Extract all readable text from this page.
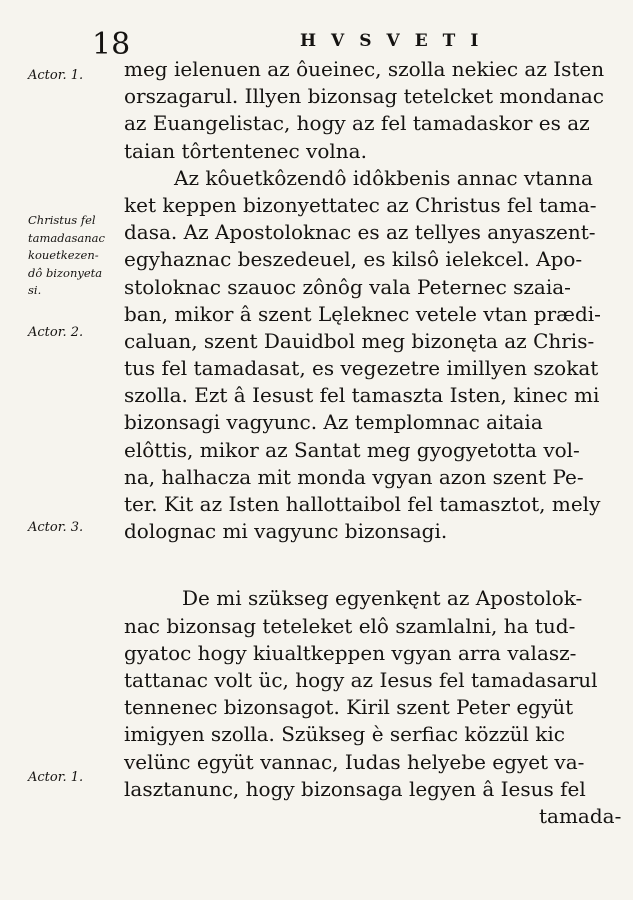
18	HVSVETI
Actor. 1.
Christus fel
tamadasanac
kouetkezen-
dô bizonyeta
si.
Actor. 2.
Actor. 3.
Actor. 1.
meg ielenuen az ôueinec, szolla nekiec az Isten
orszagarul. Illyen bizonsag tetelcket mondanac
az Euangelistac, hogy az fel tamadaskor es az
taian tôrtentenec volna.
Az kôuetkôzendô idôkbenis annac vtanna
ket keppen bizonyettatec az Christus fel tama-
dasa. Az Apostoloknac es az tellyes anyaszent-
egyhaznac beszedeuel, es kilsô ielekcel. Apo-
stoloknac szauoc zônôg vala Peternec szaia-
ban, mikor â szent Lęleknec vetele vtan prædi-
caluan, szent Dauidbol meg bizonęta az Chris-
tus fel tamadasat, es vegezetre imillyen szokat
szolla. Ezt â Iesust fel tamaszta Isten, kinec mi
bizonsagi vagyunc. Az templomnac aitaia
elôttis, mikor az Santat meg gyogyetotta vol-
na, halhacza mit monda vgyan azon szent Pe-
ter. Kit az Isten hallottaibol fel tamasztot, mely
dolognac mi vagyunc bizonsagi.
De mi szükseg egyenkęnt az Apostolok-
nac bizonsag teteleket elô szamlalni, ha tud-
gyatoc hogy kiualtkeppen vgyan arra valasz-
tattanac volt üc, hogy az Iesus fel tamadasarul
tennenec bizonsagot. Kiril szent Peter együt
imigyen szolla. Szükseg è serfiac közzül kic
velünc együt vannac, Iudas helyebe egyet va-
lasztanunc, hogy bizonsaga legyen â Iesus fel
tamada-
